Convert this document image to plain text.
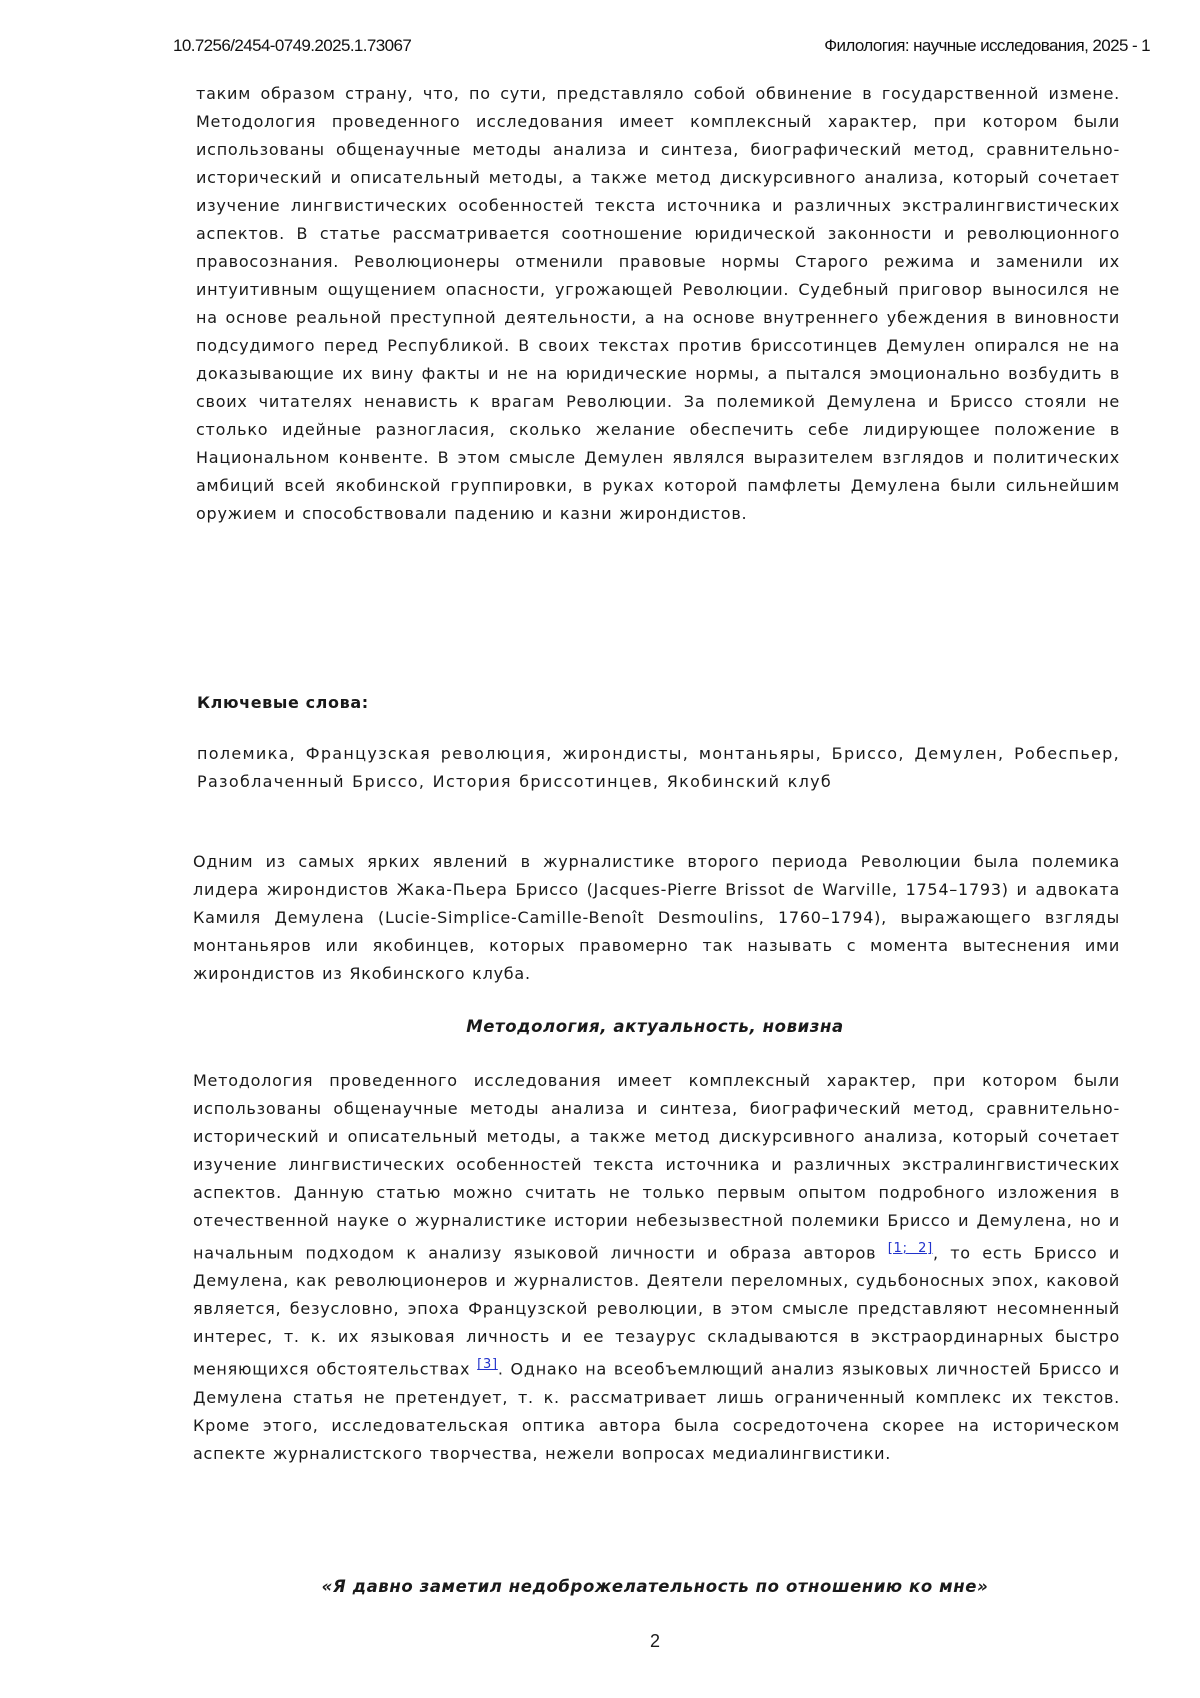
10.7256/2454-0749.2025.1.73067	Филология: научные исследования, 2025 - 1
таким образом страну, что, по сути, представляло собой обвинение в государственной измене. Методология проведенного исследования имеет комплексный характер, при котором были использованы общенаучные методы анализа и синтеза, биографический метод, сравнительно-исторический и описательный методы, а также метод дискурсивного анализа, который сочетает изучение лингвистических особенностей текста источника и различных экстралингвистических аспектов. В статье рассматривается соотношение юридической законности и революционного правосознания. Революционеры отменили правовые нормы Старого режима и заменили их интуитивным ощущением опасности, угрожающей Революции. Судебный приговор выносился не на основе реальной преступной деятельности, а на основе внутреннего убеждения в виновности подсудимого перед Республикой. В своих текстах против бриссотинцев Демулен опирался не на доказывающие их вину факты и не на юридические нормы, а пытался эмоционально возбудить в своих читателях ненависть к врагам Революции. За полемикой Демулена и Бриссо стояли не столько идейные разногласия, сколько желание обеспечить себе лидирующее положение в Национальном конвенте. В этом смысле Демулен являлся выразителем взглядов и политических амбиций всей якобинской группировки, в руках которой памфлеты Демулена были сильнейшим оружием и способствовали падению и казни жирондистов.
Ключевые слова:
полемика, Французская революция, жирондисты, монтаньяры, Бриссо, Демулен, Робеспьер, Разоблаченный Бриссо, История бриссотинцев, Якобинский клуб
Одним из самых ярких явлений в журналистике второго периода Революции была полемика лидера жирондистов Жака-Пьера Бриссо (Jacques-Pierre Brissot de Warville, 1754–1793) и адвоката Камиля Демулена (Lucie-Simplice-Camille-Benoît Desmoulins, 1760–1794), выражающего взгляды монтаньяров или якобинцев, которых правомерно так называть с момента вытеснения ими жирондистов из Якобинского клуба.
Методология, актуальность, новизна
Методология проведенного исследования имеет комплексный характер, при котором были использованы общенаучные методы анализа и синтеза, биографический метод, сравнительно-исторический и описательный методы, а также метод дискурсивного анализа, который сочетает изучение лингвистических особенностей текста источника и различных экстралингвистических аспектов. Данную статью можно считать не только первым опытом подробного изложения в отечественной науке о журналистике истории небезызвестной полемики Бриссо и Демулена, но и начальным подходом к анализу языковой личности и образа авторов [1; 2], то есть Бриссо и Демулена, как революционеров и журналистов. Деятели переломных, судьбоносных эпох, каковой является, безусловно, эпоха Французской революции, в этом смысле представляют несомненный интерес, т. к. их языковая личность и ее тезаурус складываются в экстраординарных быстро меняющихся обстоятельствах [3]. Однако на всеобъемлющий анализ языковых личностей Бриссо и Демулена статья не претендует, т. к. рассматривает лишь ограниченный комплекс их текстов. Кроме этого, исследовательская оптика автора была сосредоточена скорее на историческом аспекте журналистского творчества, нежели вопросах медиалингвистики.
«Я давно заметил недоброжелательность по отношению ко мне»
2
